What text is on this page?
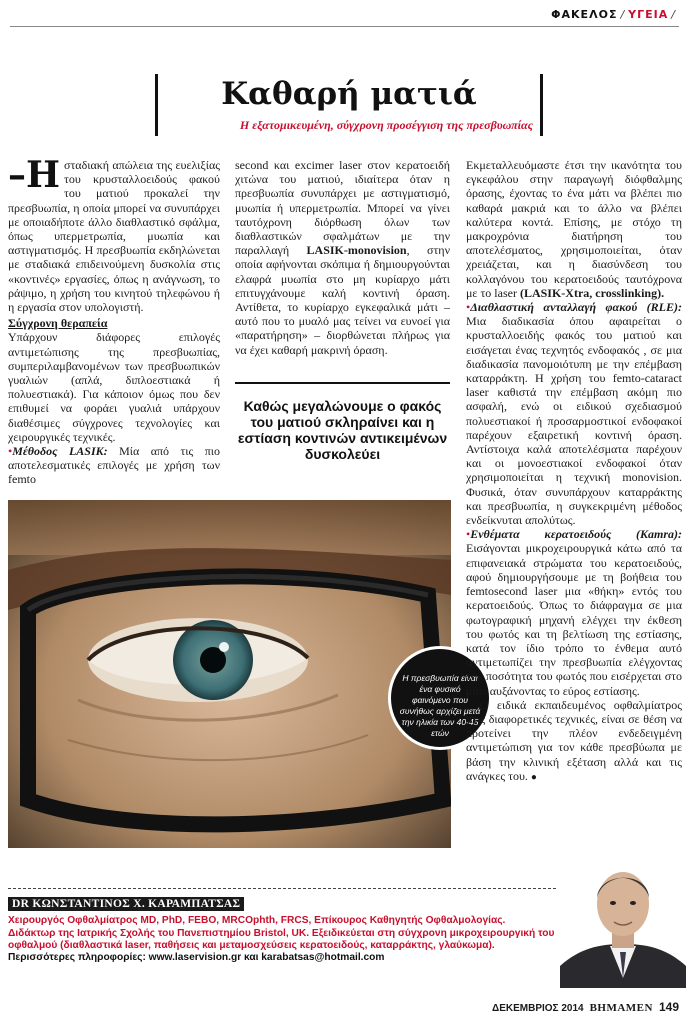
ΦΑΚΕΛΟΣ / ΥΓΕΙΑ /
Καθαρή ματιά
Η εξατομικευμένη, σύγχρονη προσέγγιση της πρεσβυωπίας

–Η σταδιακή απώλεια της ευελιξίας του κρυσταλλοειδούς φακού του ματιού προκαλεί την πρεσβυωπία, η οποία μπορεί να συνυπάρχει με οποιαδήποτε άλλο διαθλαστικό σφάλμα, όπως υπερμετρωπία, μυωπία και αστιγματισμός. Η πρεσβυωπία εκδηλώνεται με σταδιακά επιδεινούμενη δυσκολία στις «κοντινές» εργασίες, όπως η ανάγνωση, το ράψιμο, η χρήση του κινητού τηλεφώνου ή η εργασία στον υπολογιστή.

Σύγχρονη θεραπεία

Υπάρχουν διάφορες επιλογές αντιμετώπισης της πρεσβυωπίας, συμπεριλαμβανομένων των πρεσβυωπικών γυαλιών (απλά, διπλοεστιακά ή πολυεστιακά). Για κάποιον όμως που δεν επιθυμεί να φοράει γυαλιά υπάρχουν διαθέσιμες σύγχρονες τεχνολογίες και χειρουργικές τεχνικές.

•Μέθοδος LASIK: Μία από τις πιο αποτελεσματικές επιλογές με χρήση των femto

second και excimer laser στον κερατοειδή χιτώνα του ματιού, ιδιαίτερα όταν η πρεσβυωπία συνυπάρχει με αστιγματισμό, μυωπία ή υπερμετρωπία. Μπορεί να γίνει ταυτόχρονη διόρθωση όλων των διαθλαστικών σφαλμάτων με την παραλλαγή LASIK-monovision, στην οποία αφήνονται σκόπιμα ή δημιουργούνται ελαφρά μυωπία στο μη κυρίαρχο μάτι επιτυγχάνουμε καλή κοντινή όραση. Αντίθετα, το κυρίαρχο εγκεφαλικά μάτι – αυτό που το μυαλό μας τείνει να ευνοεί για «παρατήρηση» – διορθώνεται πλήρως για να έχει καθαρή μακρινή όραση.

Καθώς μεγαλώνουμε ο φακός του ματιού σκληραίνει και η εστίαση κοντινών αντικειμένων δυσκολεύει
Η πρεσβυωπία είναι ένα φυσικό φαινόμενο που συνήθως αρχίζει μετά την ηλικία των 40-45 ετών

Εκμεταλλευόμαστε έτσι την ικανότητα του εγκεφάλου στην παραγωγή διόφθαλμης όρασης, έχοντας το ένα μάτι να βλέπει πιο καθαρά μακριά και το άλλο να βλέπει καλύτερα κοντά. Επίσης, με στόχο τη μακροχρόνια διατήρηση του αποτελέσματος, χρησιμοποιείται, όταν χρειάζεται, και η διασύνδεση του κολλαγόνου του κερατοειδούς ταυτόχρονα με το laser (LASIK-Xtra, crosslinking).

•Διαθλαστική ανταλλαγή φακού (RLE): Μια διαδικασία όπου αφαιρείται ο κρυσταλλοειδής φακός του ματιού και εισάγεται ένας τεχνητός ενδοφακός , σε μια διαδικασία πανομοιότυπη με την επέμβαση καταρράκτη. Η χρήση του femto-cataract laser καθιστά την επέμβαση ακόμη πιο ασφαλή, ενώ οι ειδικού σχεδιασμού πολυεστιακοί ή προσαρμοστικοί ενδοφακοί παρέχουν εξαιρετική κοντινή όραση. Αντίστοιχα καλά αποτελέσματα παρέχουν και οι μονοεστιακοί ενδοφακοί όταν χρησιμοποιείται η τεχνική monovision. Φυσικά, όταν συνυπάρχουν καταρράκτης και πρεσβυωπία, η συγκεκριμένη μέθοδος ενδείκνυται απολύτως.

•Ενθέματα κερατοειδούς (Kamra): Εισάγονται μικροχειρουργικά κάτω από τα επιφανειακά στρώματα του κερατοειδούς, αφού δημιουργήσουμε με τη βοήθεια του femtosecond laser μια «θήκη» εντός του κερατοειδούς. Όπως το διάφραγμα σε μια φωτογραφική μηχανή ελέγχει την έκθεση του φωτός και τη βελτίωση της εστίασης, κατά τον ίδιο τρόπο το ένθεμα αυτό αντιμετωπίζει την πρεσβυωπία ελέγχοντας την ποσότητα του φωτός που εισέρχεται στο μάτι αυξάνοντας το εύρος εστίασης.

Ο ειδικά εκπαιδευμένος οφθαλμίατρος στις διαφορετικές τεχνικές, είναι σε θέση να προτείνει την πλέον ενδεδειγμένη αντιμετώπιση για τον κάθε πρεσβύωπα με βάση την κλινική εξέταση αλλά και τις ανάγκες του. ●

DR ΚΩΝΣΤΑΝΤΙΝΟΣ Χ. ΚΑΡΑΜΠΑΤΣΑΣ
Χειρουργός Οφθαλμίατρος MD, PhD, FEBO, MRCOphth, FRCS, Επίκουρος Καθηγητής Οφθαλμολογίας.
Διδάκτωρ της Ιατρικής Σχολής του Πανεπιστημίου Bristol, UK. Εξειδικεύεται στη σύγχρονη μικροχειρουργική του οφθαλμού (διαθλαστικά laser, παθήσεις και μεταμοσχεύσεις κερατοειδούς, καταρράκτης, γλαύκωμα).
Περισσότερες πληροφορίες: www.laservision.gr και karabatsas@hotmail.com
ΔΕΚΕΜΒΡΙΟΣ 2014 ΒΗΜΑΜΕΝ 149
